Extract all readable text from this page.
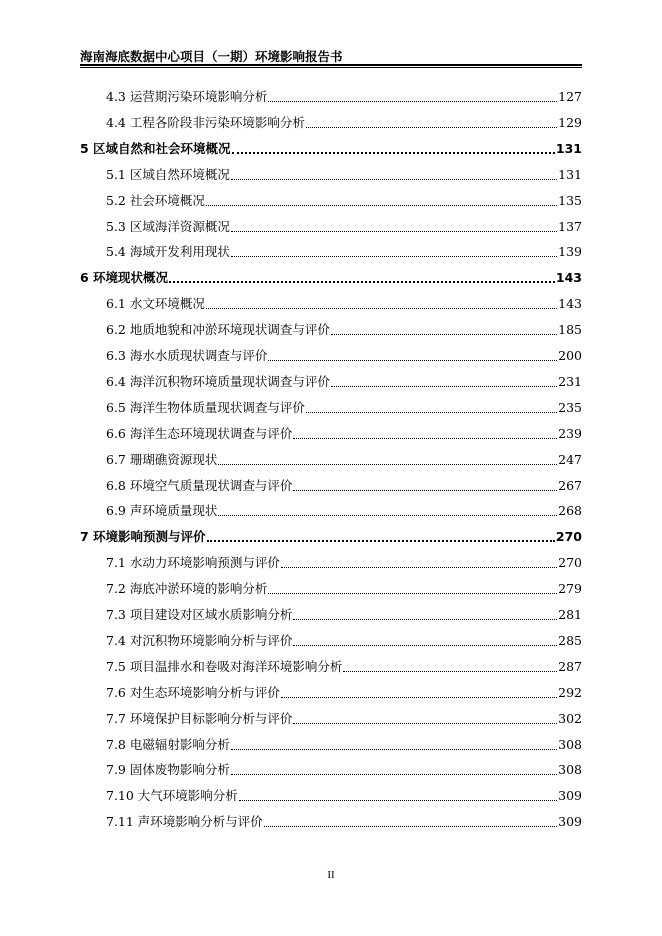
海南海底数据中心项目（一期）环境影响报告书
4.3 运营期污染环境影响分析	127
4.4 工程各阶段非污染环境影响分析	129
5 区域自然和社会环境概况	131
5.1 区域自然环境概况	131
5.2 社会环境概况	135
5.3 区域海洋资源概况	137
5.4 海域开发利用现状	139
6 环境现状概况	143
6.1 水文环境概况	143
6.2 地质地貌和冲淤环境现状调查与评价	185
6.3 海水水质现状调查与评价	200
6.4 海洋沉积物环境质量现状调查与评价	231
6.5 海洋生物体质量现状调查与评价	235
6.6 海洋生态环境现状调查与评价	239
6.7 珊瑚礁资源现状	247
6.8 环境空气质量现状调查与评价	267
6.9 声环境质量现状	268
7 环境影响预测与评价	270
7.1 水动力环境影响预测与评价	270
7.2 海底冲淤环境的影响分析	279
7.3 项目建设对区域水质影响分析	281
7.4 对沉积物环境影响分析与评价	285
7.5 项目温排水和卷吸对海洋环境影响分析	287
7.6 对生态环境影响分析与评价	292
7.7 环境保护目标影响分析与评价	302
7.8 电磁辐射影响分析	308
7.9 固体废物影响分析	308
7.10 大气环境影响分析	309
7.11 声环境影响分析与评价	309
II
